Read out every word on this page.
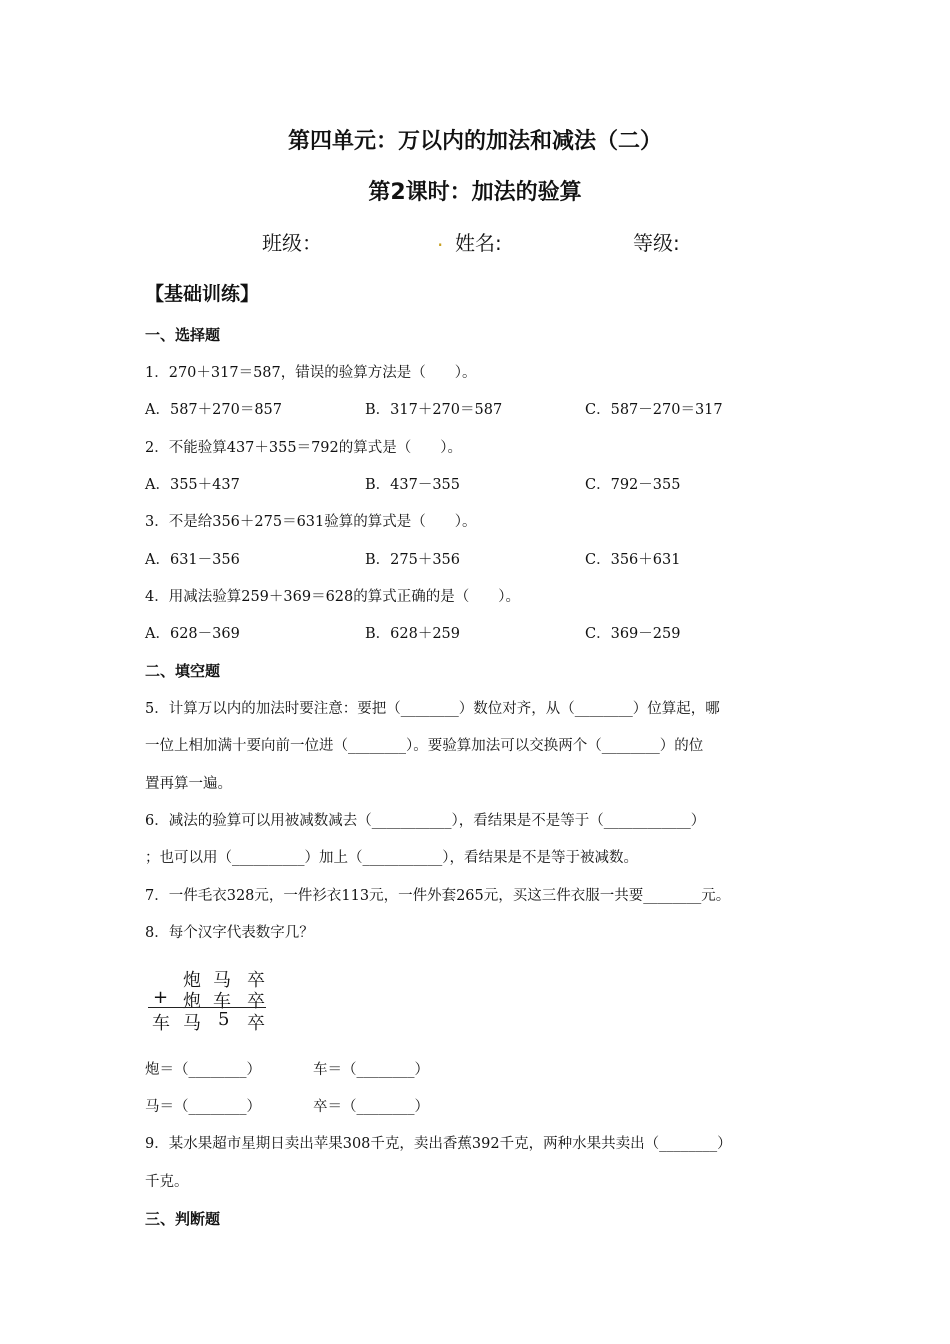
第四单元：万以内的加法和减法（二）
第2课时：加法的验算
班级：	. 姓名:	等级:
【基础训练】
一、选择题
1．270＋317＝587，错误的验算方法是（　　）。
A．587＋270＝857	B．317＋270＝587	C．587－270＝317
2．不能验算437＋355＝792的算式是（　　）。
A．355＋437	B．437－355	C．792－355
3．不是给356＋275＝631验算的算式是（　　）。
A．631－356	B．275＋356	C．356＋631
4．用减法验算259＋369＝628的算式正确的是（　　）。
A．628－369	B．628＋259	C．369－259
二、填空题
5．计算万以内的加法时要注意：要把（________）数位对齐，从（________）位算起，哪
一位上相加满十要向前一位进（________）。要验算加法可以交换两个（________）的位
置再算一遍。
6．减法的验算可以用被减数减去（___________），看结果是不是等于（____________）
；也可以用（__________）加上（___________），看结果是不是等于被减数。
7．一件毛衣328元，一件衫衣113元，一件外套265元，买这三件衣服一共要________元。
8．每个汉字代表数字几？
炮 马 卒
+ 炮 车 卒
车 马 5 卒
炮＝（________）	车＝（________）
马＝（________）	卒＝（________）
9．某水果超市星期日卖出苹果308千克，卖出香蕉392千克，两种水果共卖出（________）
千克。
三、判断题
